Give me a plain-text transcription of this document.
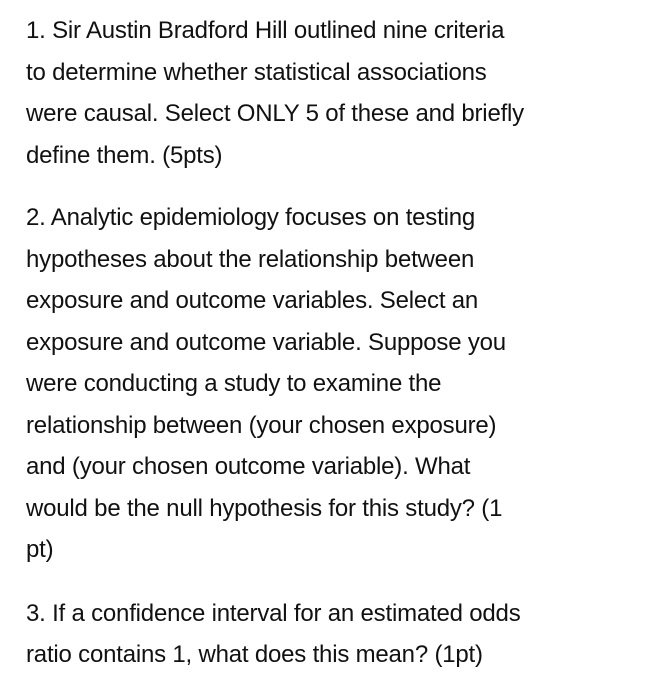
1. Sir Austin Bradford Hill outlined nine criteria
to determine whether statistical associations
were causal. Select ONLY 5 of these and briefly
define them. (5pts)

2. Analytic epidemiology focuses on testing
hypotheses about the relationship between
exposure and outcome variables. Select an
exposure and outcome variable. Suppose you
were conducting a study to examine the
relationship between (your chosen exposure)
and (your chosen outcome variable). What
would be the null hypothesis for this study? (1
pt)

3. If a confidence interval for an estimated odds
ratio contains 1, what does this mean? (1pt)
